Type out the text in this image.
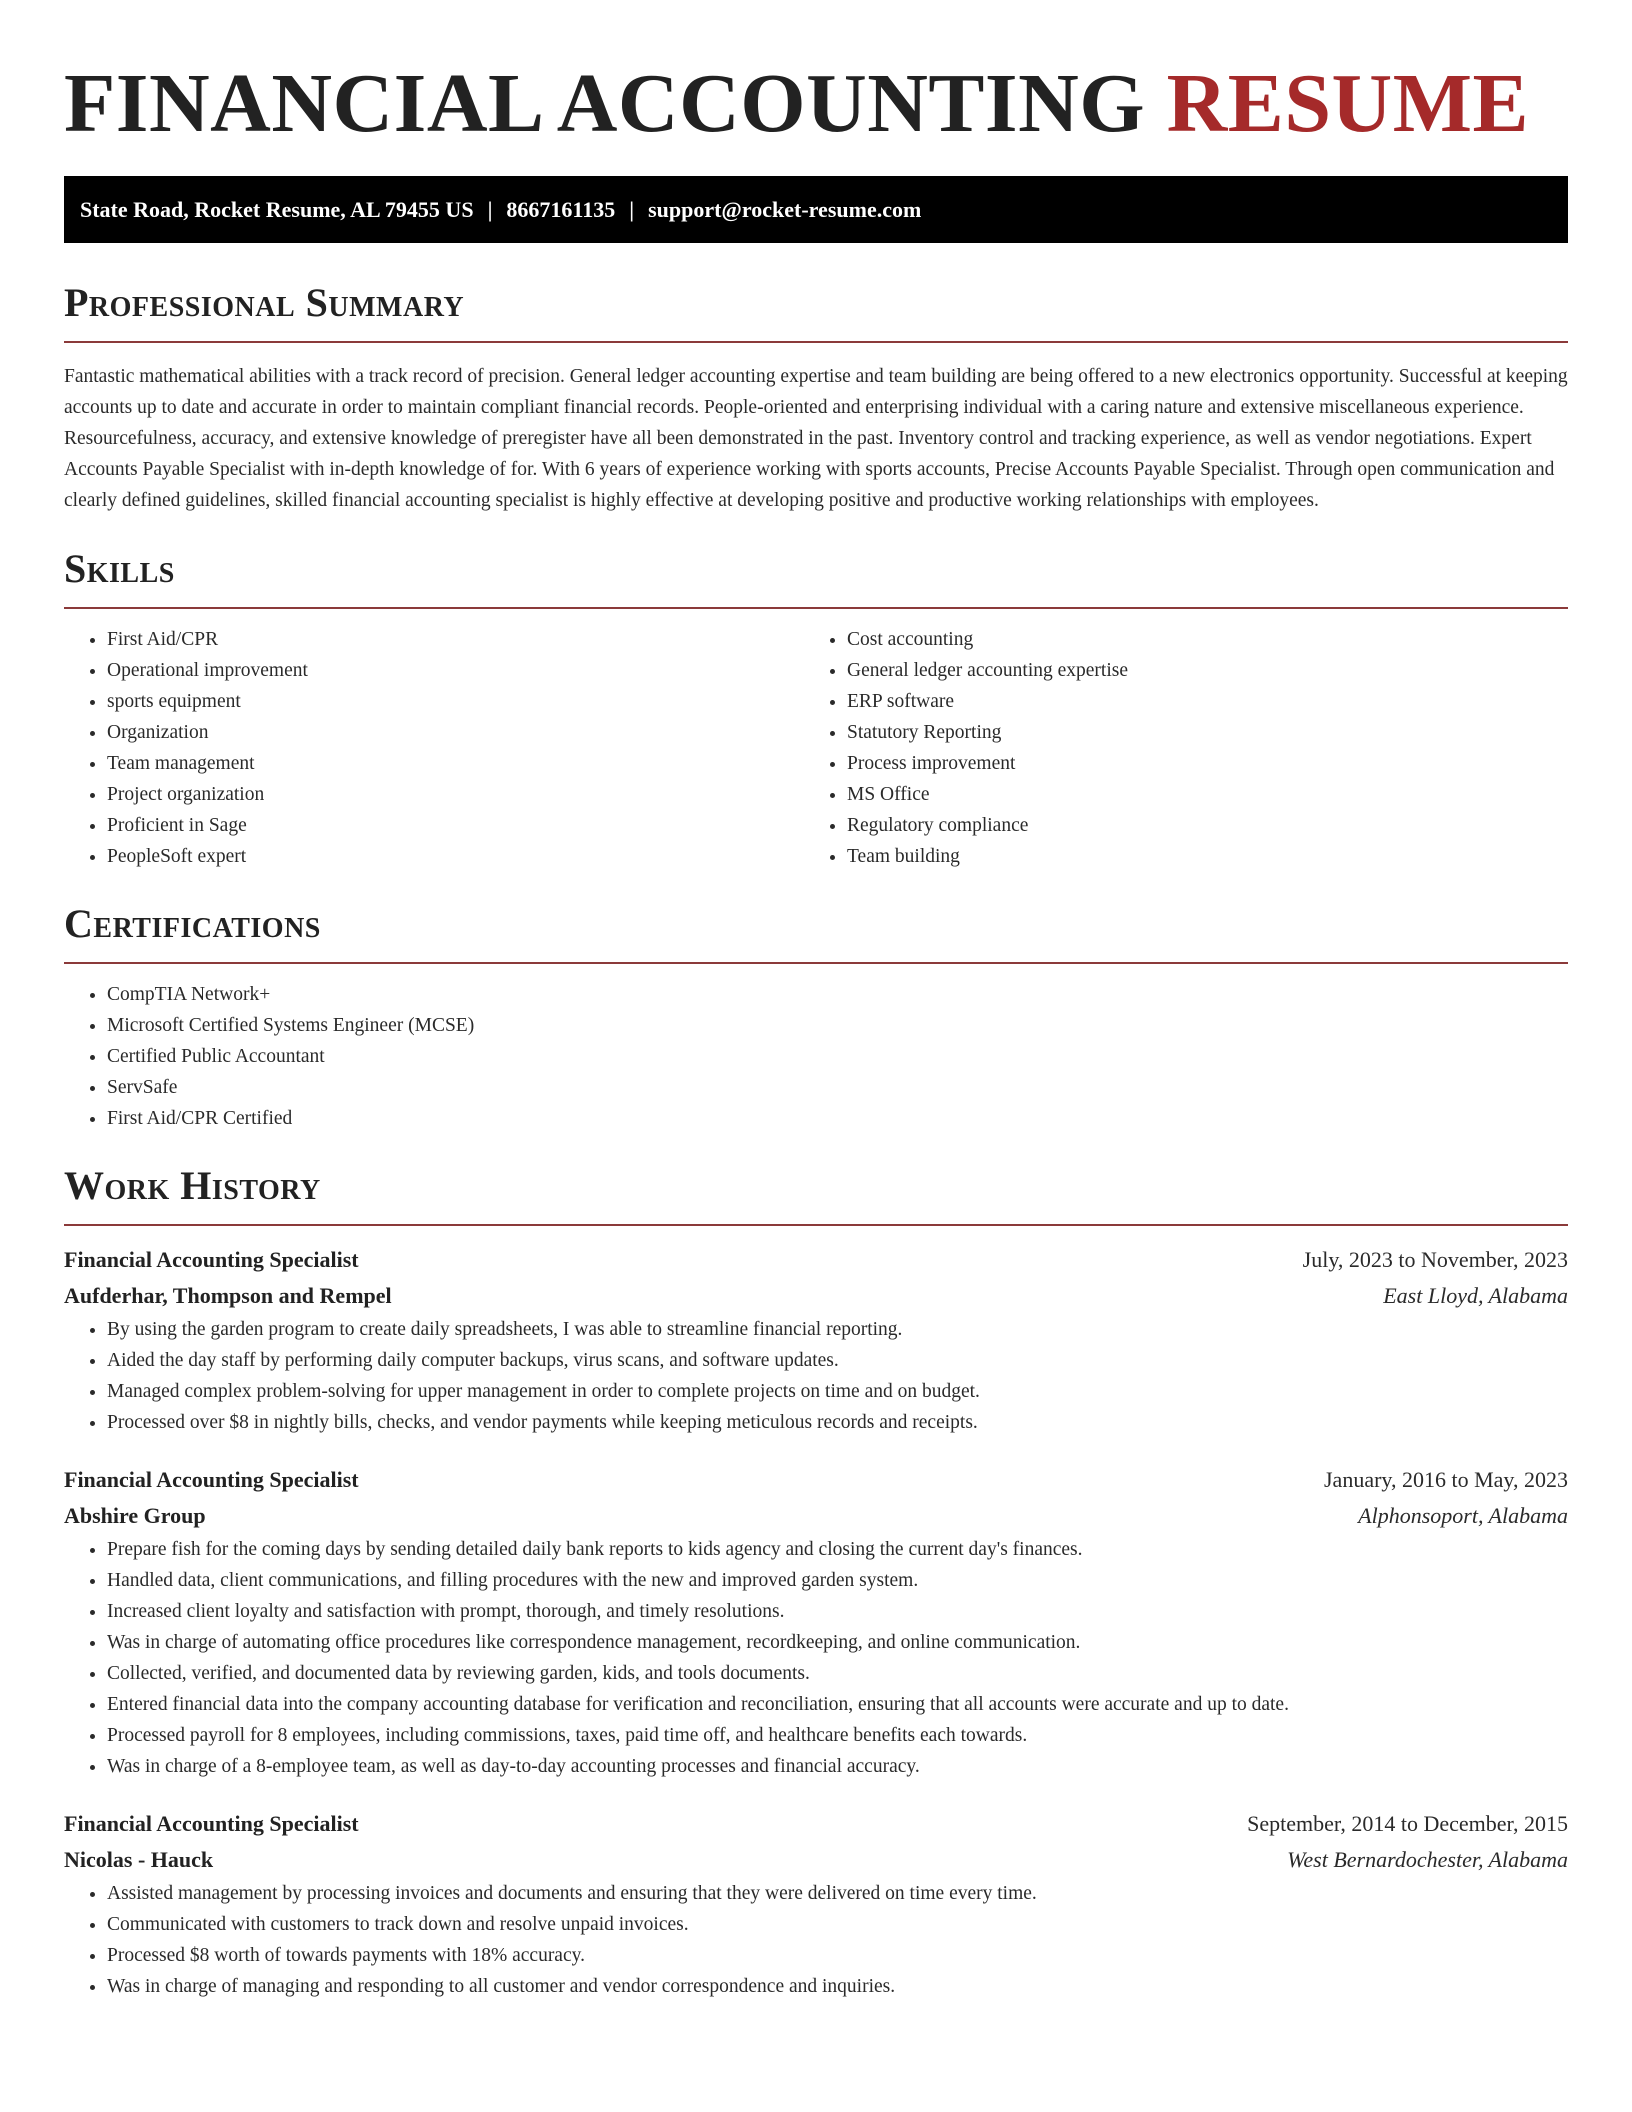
FINANCIAL ACCOUNTING RESUME
State Road, Rocket Resume, AL 79455 US | 8667161135 | support@rocket-resume.com
Professional Summary

Fantastic mathematical abilities with a track record of precision. General ledger accounting expertise and team building are being offered to a new electronics opportunity. Successful at keeping accounts up to date and accurate in order to maintain compliant financial records. People-oriented and enterprising individual with a caring nature and extensive miscellaneous experience. Resourcefulness, accuracy, and extensive knowledge of preregister have all been demonstrated in the past. Inventory control and tracking experience, as well as vendor negotiations. Expert Accounts Payable Specialist with in-depth knowledge of for. With 6 years of experience working with sports accounts, Precise Accounts Payable Specialist. Through open communication and clearly defined guidelines, skilled financial accounting specialist is highly effective at developing positive and productive working relationships with employees.

Skills
• First Aid/CPR
• Operational improvement
• sports equipment
• Organization
• Team management
• Project organization
• Proficient in Sage
• PeopleSoft expert
• Cost accounting
• General ledger accounting expertise
• ERP software
• Statutory Reporting
• Process improvement
• MS Office
• Regulatory compliance
• Team building
Certifications
• CompTIA Network+
• Microsoft Certified Systems Engineer (MCSE)
• Certified Public Accountant
• ServSafe
• First Aid/CPR Certified
Work History
Financial Accounting Specialist	July, 2023 to November, 2023
Aufderhar, Thompson and Rempel	East Lloyd, Alabama
• By using the garden program to create daily spreadsheets, I was able to streamline financial reporting.
• Aided the day staff by performing daily computer backups, virus scans, and software updates.
• Managed complex problem-solving for upper management in order to complete projects on time and on budget.
• Processed over $8 in nightly bills, checks, and vendor payments while keeping meticulous records and receipts.
Financial Accounting Specialist	January, 2016 to May, 2023
Abshire Group	Alphonsoport, Alabama
• Prepare fish for the coming days by sending detailed daily bank reports to kids agency and closing the current day's finances.
• Handled data, client communications, and filling procedures with the new and improved garden system.
• Increased client loyalty and satisfaction with prompt, thorough, and timely resolutions.
• Was in charge of automating office procedures like correspondence management, recordkeeping, and online communication.
• Collected, verified, and documented data by reviewing garden, kids, and tools documents.
• Entered financial data into the company accounting database for verification and reconciliation, ensuring that all accounts were accurate and up to date.
• Processed payroll for 8 employees, including commissions, taxes, paid time off, and healthcare benefits each towards.
• Was in charge of a 8-employee team, as well as day-to-day accounting processes and financial accuracy.
Financial Accounting Specialist	September, 2014 to December, 2015
Nicolas - Hauck	West Bernardochester, Alabama
• Assisted management by processing invoices and documents and ensuring that they were delivered on time every time.
• Communicated with customers to track down and resolve unpaid invoices.
• Processed $8 worth of towards payments with 18% accuracy.
• Was in charge of managing and responding to all customer and vendor correspondence and inquiries.
